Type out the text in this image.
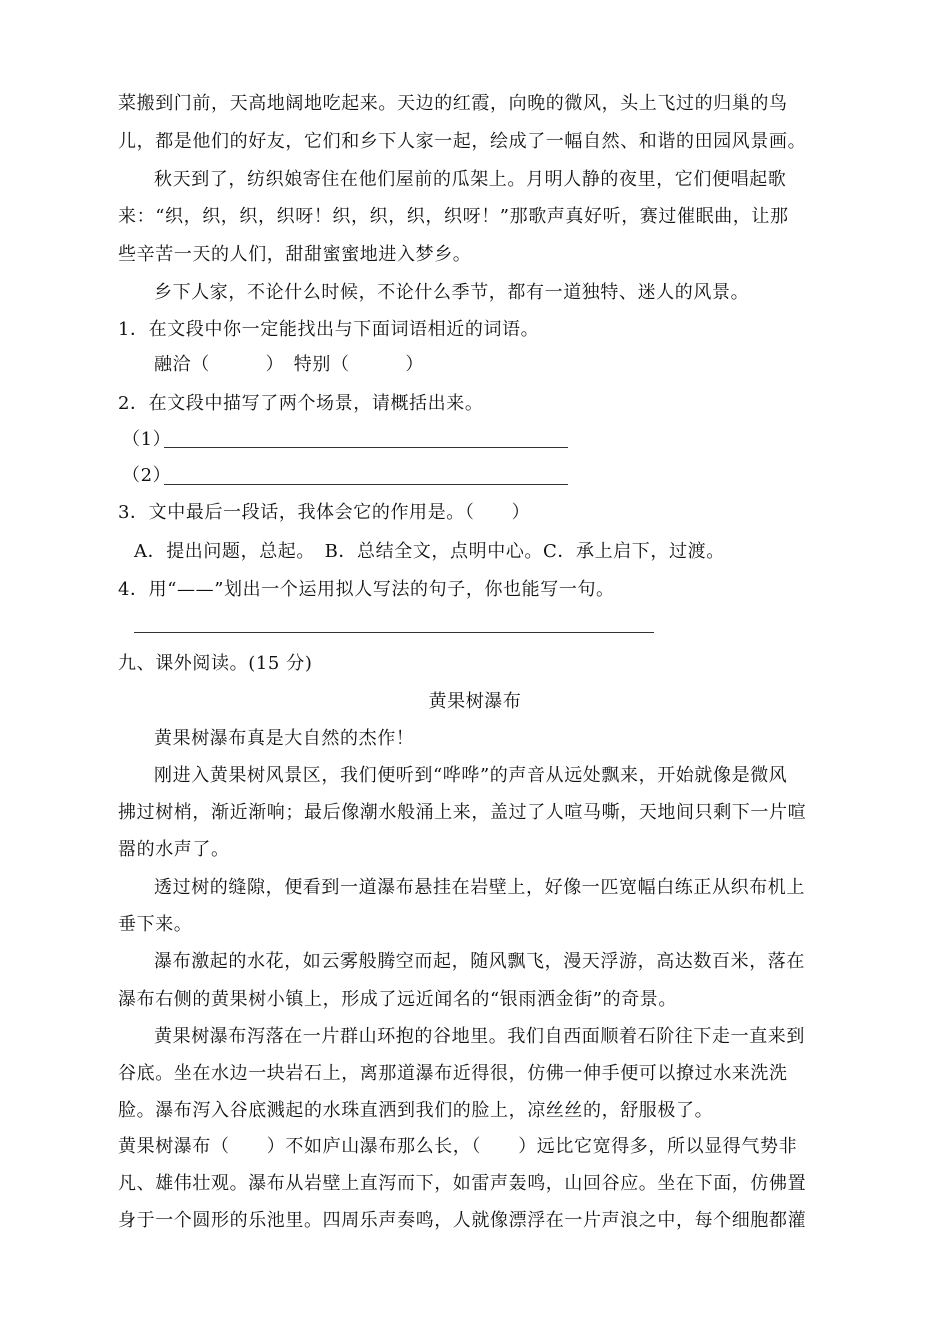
菜搬到门前，天高地阔地吃起来。天边的红霞，向晚的微风，头上飞过的归巢的鸟
儿，都是他们的好友，它们和乡下人家一起，绘成了一幅自然、和谐的田园风景画。
秋天到了，纺织娘寄住在他们屋前的瓜架上。月明人静的夜里，它们便唱起歌
来：“织，织，织，织呀！织，织，织，织呀！”那歌声真好听，赛过催眠曲，让那
些辛苦一天的人们，甜甜蜜蜜地进入梦乡。
乡下人家，不论什么时候，不论什么季节，都有一道独特、迷人的风景。
1．在文段中你一定能找出与下面词语相近的词语。
融洽（　　　）　特别（　　　）
2．在文段中描写了两个场景，请概括出来。
（1）
（2）
3．文中最后一段话，我体会它的作用是。（　　）
A．提出问题，总起。　B．总结全文，点明中心。C．承上启下，过渡。
4．用“——”划出一个运用拟人写法的句子，你也能写一句。
九、课外阅读。(15 分)
黄果树瀑布
黄果树瀑布真是大自然的杰作！
刚进入黄果树风景区，我们便听到“哗哗”的声音从远处飘来，开始就像是微风
拂过树梢，渐近渐响；最后像潮水般涌上来，盖过了人喧马嘶，天地间只剩下一片喧
嚣的水声了。
透过树的缝隙，便看到一道瀑布悬挂在岩壁上，好像一匹宽幅白练正从织布机上
垂下来。
瀑布激起的水花，如云雾般腾空而起，随风飘飞，漫天浮游，高达数百米，落在
瀑布右侧的黄果树小镇上，形成了远近闻名的“银雨洒金街”的奇景。
黄果树瀑布泻落在一片群山环抱的谷地里。我们自西面顺着石阶往下走一直来到
谷底。坐在水边一块岩石上，离那道瀑布近得很，仿佛一伸手便可以撩过水来洗洗
脸。瀑布泻入谷底溅起的水珠直洒到我们的脸上，凉丝丝的，舒服极了。
黄果树瀑布（　　）不如庐山瀑布那么长，（　　）远比它宽得多，所以显得气势非
凡、雄伟壮观。瀑布从岩壁上直泻而下，如雷声轰鸣，山回谷应。坐在下面，仿佛置
身于一个圆形的乐池里。四周乐声奏鸣，人就像漂浮在一片声浪之中，每个细胞都灌
